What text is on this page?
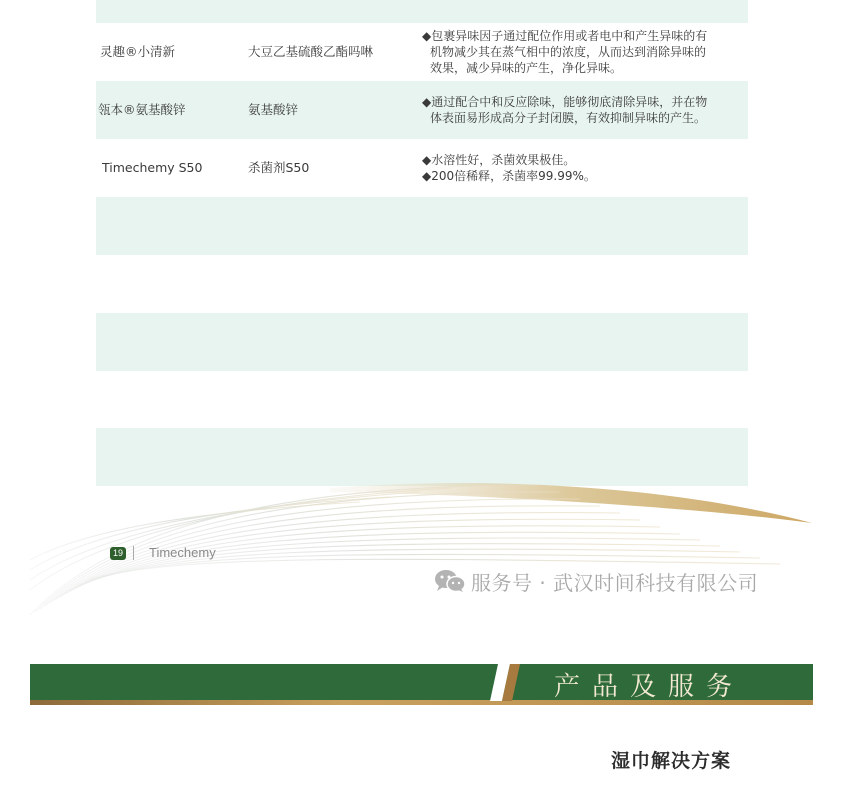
灵趣®小清新	大豆乙基硫酸乙酯吗啉
◆包裹异味因子通过配位作用或者电中和产生异味的有
机物减少其在蒸气相中的浓度，从而达到消除异味的
效果，减少异味的产生，净化异味。
瓴本®氨基酸锌	氨基酸锌	◆通过配合中和反应除味，能够彻底清除异味，并在物
体表面易形成高分子封闭膜，有效抑制异味的产生。
Timechemy S50	杀菌剂S50	◆水溶性好，杀菌效果极佳。
◆200倍稀释，杀菌率99.99%。
19 Timechemy
服务号 · 武汉时间科技有限公司
产品及服务
湿巾解决方案
